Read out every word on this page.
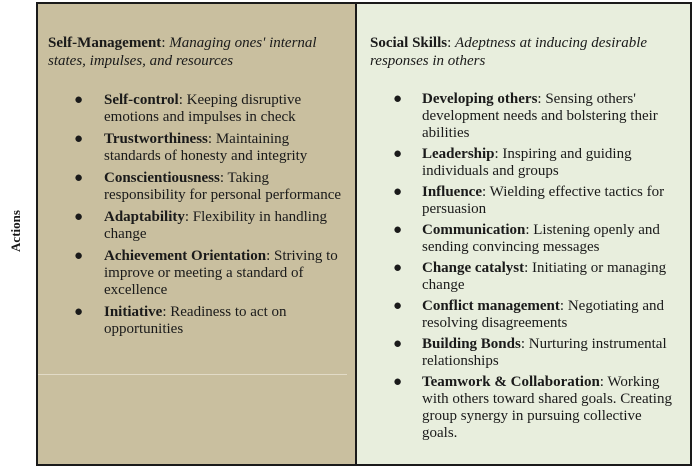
Actions

Self-Management: Managing ones' internal states, impulses, and resources

● Self-control: Keeping disruptive emotions and impulses in check
● Trustworthiness: Maintaining standards of honesty and integrity
● Conscientiousness: Taking responsibility for personal performance
● Adaptability: Flexibility in handling change
● Achievement Orientation: Striving to improve or meeting a standard of excellence
● Initiative: Readiness to act on opportunities

Social Skills: Adeptness at inducing desirable responses in others

● Developing others: Sensing others' development needs and bolstering their abilities
● Leadership: Inspiring and guiding individuals and groups
● Influence: Wielding effective tactics for persuasion
● Communication: Listening openly and sending convincing messages
● Change catalyst: Initiating or managing change
● Conflict management: Negotiating and resolving disagreements
● Building Bonds: Nurturing instrumental relationships
● Teamwork & Collaboration: Working with others toward shared goals. Creating group synergy in pursuing collective goals.
